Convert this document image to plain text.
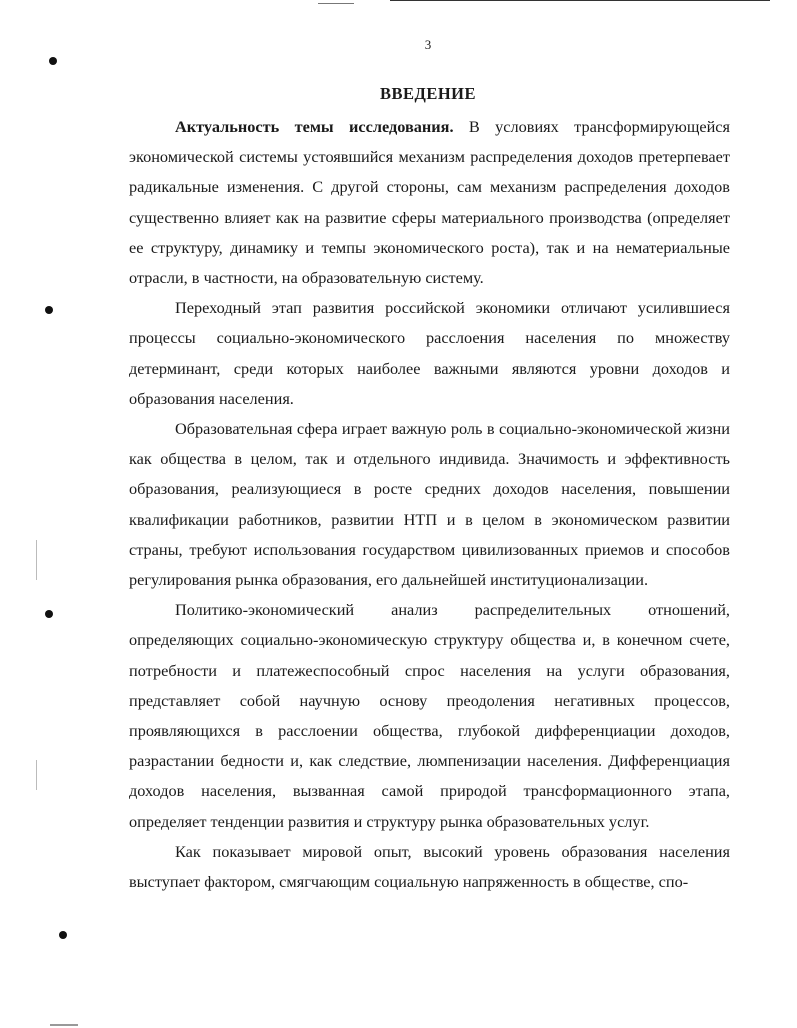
3
ВВЕДЕНИЕ

Актуальность темы исследования. В условиях трансформирующейся экономической системы устоявшийся механизм распределения доходов претерпевает радикальные изменения. С другой стороны, сам механизм распределения доходов существенно влияет как на развитие сферы материального производства (определяет ее структуру, динамику и темпы экономического роста), так и на нематериальные отрасли, в частности, на образовательную систему.

Переходный этап развития российской экономики отличают усилившиеся процессы социально-экономического расслоения населения по множеству детерминант, среди которых наиболее важными являются уровни доходов и образования населения.

Образовательная сфера играет важную роль в социально-экономической жизни как общества в целом, так и отдельного индивида. Значимость и эффективность образования, реализующиеся в росте средних доходов населения, повышении квалификации работников, развитии НТП и в целом в экономическом развитии страны, требуют использования государством цивилизованных приемов и способов регулирования рынка образования, его дальнейшей институционализации.

Политико-экономический анализ распределительных отношений, определяющих социально-экономическую структуру общества и, в конечном счете, потребности и платежеспособный спрос населения на услуги образования, представляет собой научную основу преодоления негативных процессов, проявляющихся в расслоении общества, глубокой дифференциации доходов, разрастании бедности и, как следствие, люмпенизации населения. Дифференциация доходов населения, вызванная самой природой трансформационного этапа, определяет тенденции развития и структуру рынка образовательных услуг.

Как показывает мировой опыт, высокий уровень образования населения выступает фактором, смягчающим социальную напряженность в обществе, спо-
